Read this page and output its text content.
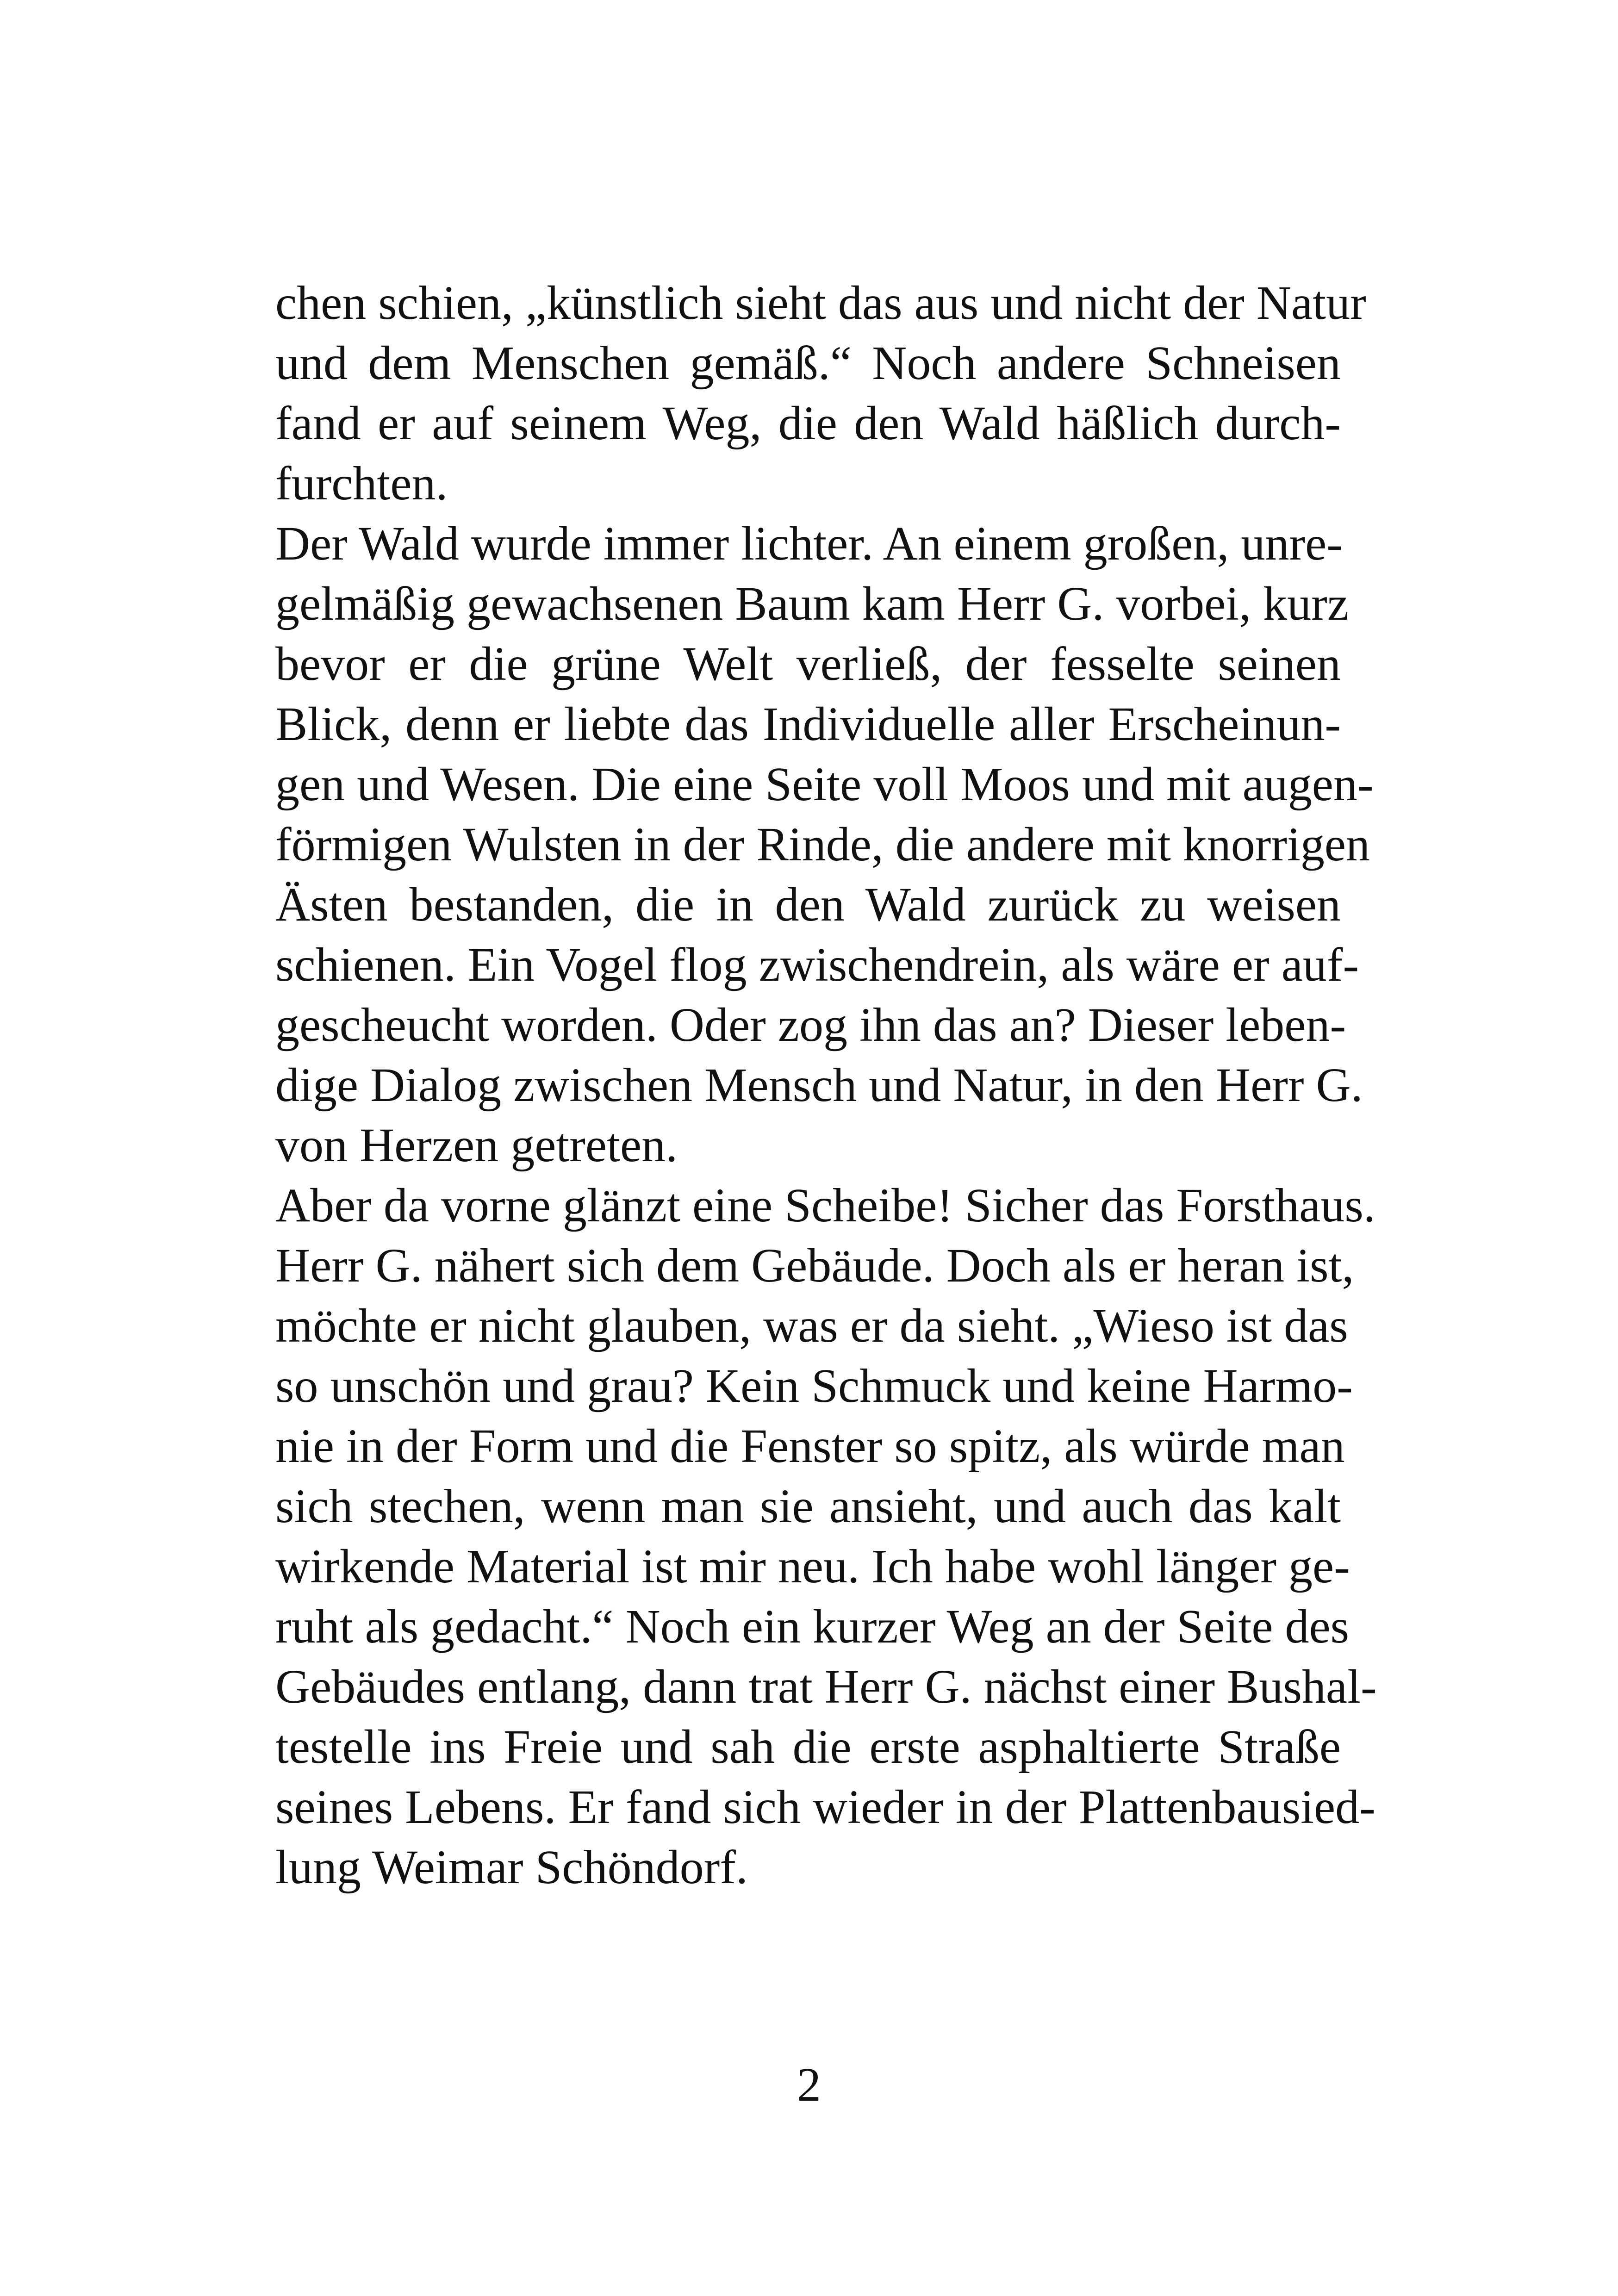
chen schien, „künstlich sieht das aus und nicht der Natur
und dem Menschen gemäß.“ Noch andere Schneisen
fand er auf seinem Weg, die den Wald häßlich durch-
furchten.
Der Wald wurde immer lichter. An einem großen, unre-
gelmäßig gewachsenen Baum kam Herr G. vorbei, kurz
bevor er die grüne Welt verließ, der fesselte seinen
Blick, denn er liebte das Individuelle aller Erscheinun-
gen und Wesen. Die eine Seite voll Moos und mit augen-
förmigen Wulsten in der Rinde, die andere mit knorrigen
Ästen bestanden, die in den Wald zurück zu weisen
schienen. Ein Vogel flog zwischendrein, als wäre er auf-
gescheucht worden. Oder zog ihn das an? Dieser leben-
dige Dialog zwischen Mensch und Natur, in den Herr G.
von Herzen getreten.
Aber da vorne glänzt eine Scheibe! Sicher das Forsthaus.
Herr G. nähert sich dem Gebäude. Doch als er heran ist,
möchte er nicht glauben, was er da sieht. „Wieso ist das
so unschön und grau? Kein Schmuck und keine Harmo-
nie in der Form und die Fenster so spitz, als würde man
sich stechen, wenn man sie ansieht, und auch das kalt
wirkende Material ist mir neu. Ich habe wohl länger ge-
ruht als gedacht.“ Noch ein kurzer Weg an der Seite des
Gebäudes entlang, dann trat Herr G. nächst einer Bushal-
testelle ins Freie und sah die erste asphaltierte Straße
seines Lebens. Er fand sich wieder in der Plattenbausied-
lung Weimar Schöndorf.
2
